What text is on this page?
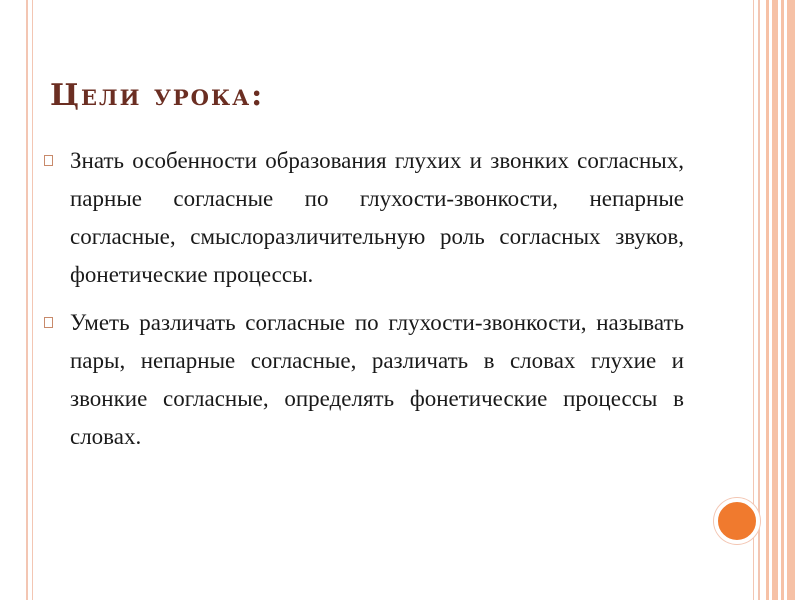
Цели урока:
Знать особенности образования глухих и звонких согласных, парные согласные по глухости-звонкости, непарные согласные, смыслоразличительную роль согласных звуков, фонетические процессы.
Уметь различать согласные по глухости-звонкости, называть пары, непарные согласные, различать в словах глухие и звонкие согласные, определять фонетические процессы в словах.
